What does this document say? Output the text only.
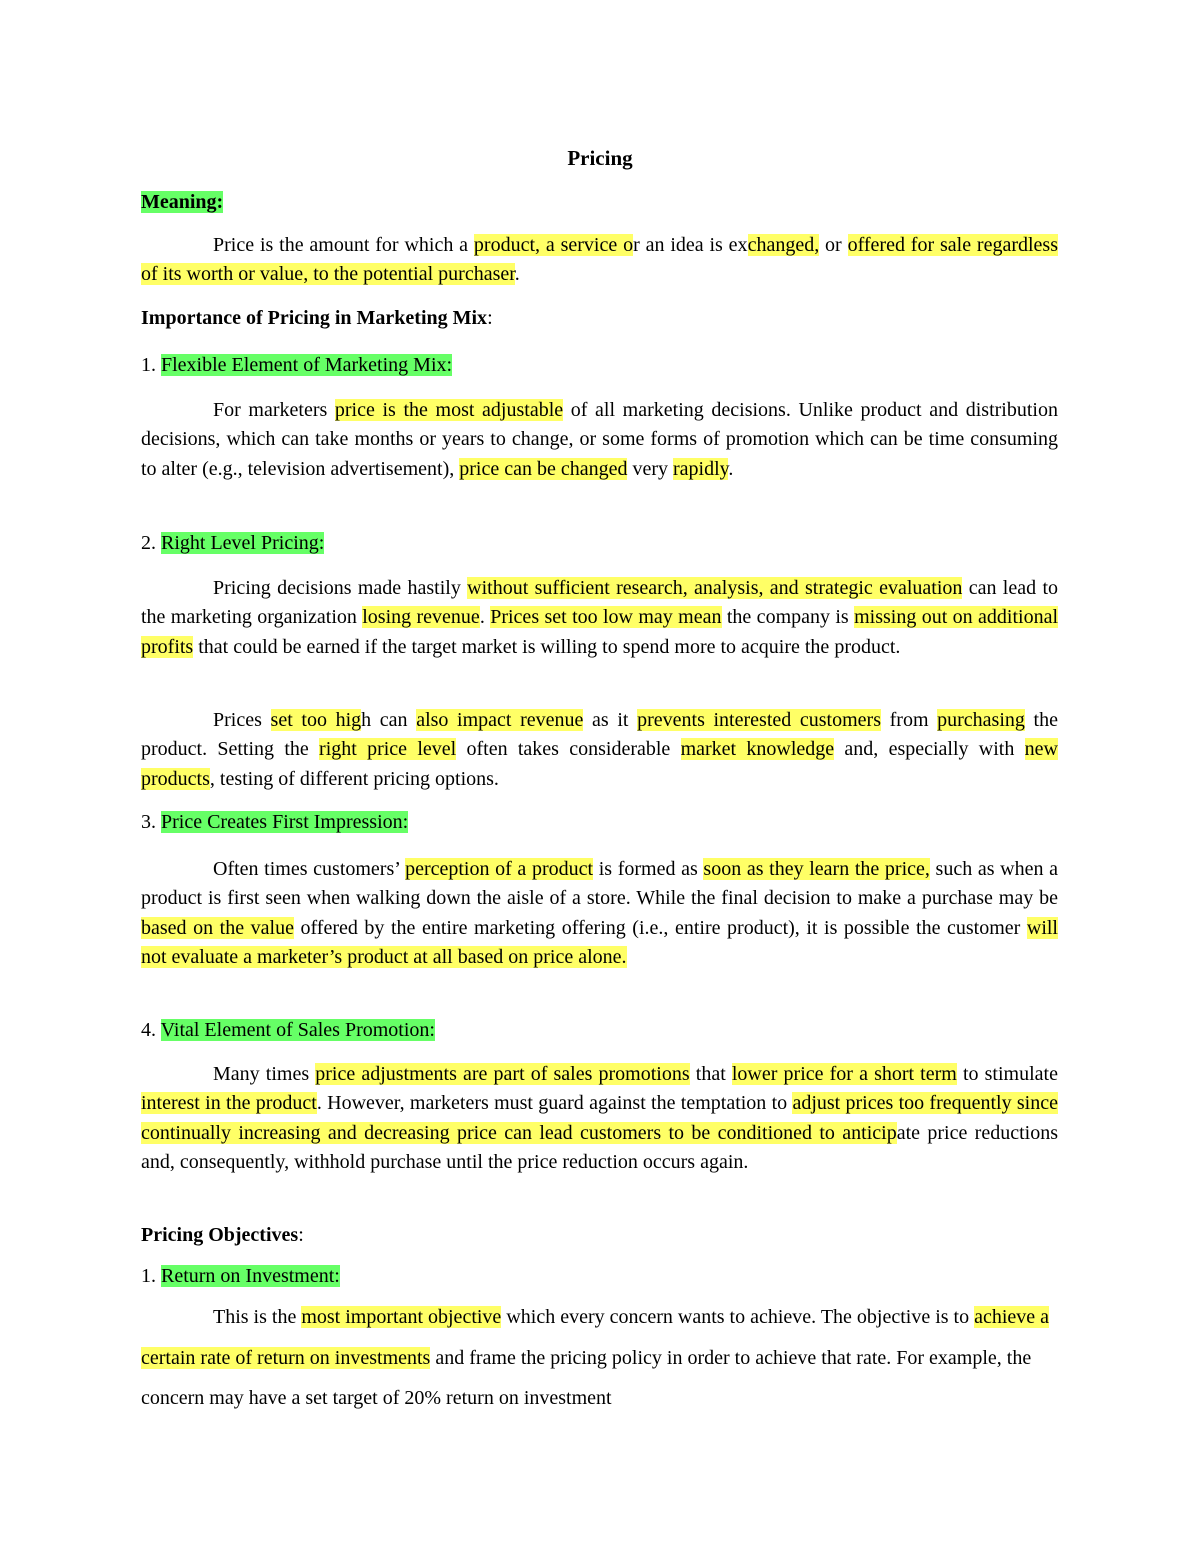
Pricing
Meaning:
Price is the amount for which a product, a service or an idea is exchanged, or offered for sale regardless of its worth or value, to the potential purchaser.
Importance of Pricing in Marketing Mix:
1. Flexible Element of Marketing Mix:
For marketers price is the most adjustable of all marketing decisions. Unlike product and distribution decisions, which can take months or years to change, or some forms of promotion which can be time consuming to alter (e.g., television advertisement), price can be changed very rapidly.
2. Right Level Pricing:
Pricing decisions made hastily without sufficient research, analysis, and strategic evaluation can lead to the marketing organization losing revenue. Prices set too low may mean the company is missing out on additional profits that could be earned if the target market is willing to spend more to acquire the product.
Prices set too high can also impact revenue as it prevents interested customers from purchasing the product. Setting the right price level often takes considerable market knowledge and, especially with new products, testing of different pricing options.
3. Price Creates First Impression:
Often times customers’ perception of a product is formed as soon as they learn the price, such as when a product is first seen when walking down the aisle of a store. While the final decision to make a purchase may be based on the value offered by the entire marketing offering (i.e., entire product), it is possible the customer will not evaluate a marketer’s product at all based on price alone.
4. Vital Element of Sales Promotion:
Many times price adjustments are part of sales promotions that lower price for a short term to stimulate interest in the product. However, marketers must guard against the temptation to adjust prices too frequently since continually increasing and decreasing price can lead customers to be conditioned to anticipate price reductions and, consequently, withhold purchase until the price reduction occurs again.
Pricing Objectives:
1. Return on Investment:
This is the most important objective which every concern wants to achieve. The objective is to achieve a certain rate of return on investments and frame the pricing policy in order to achieve that rate. For example, the concern may have a set target of 20% return on investment
